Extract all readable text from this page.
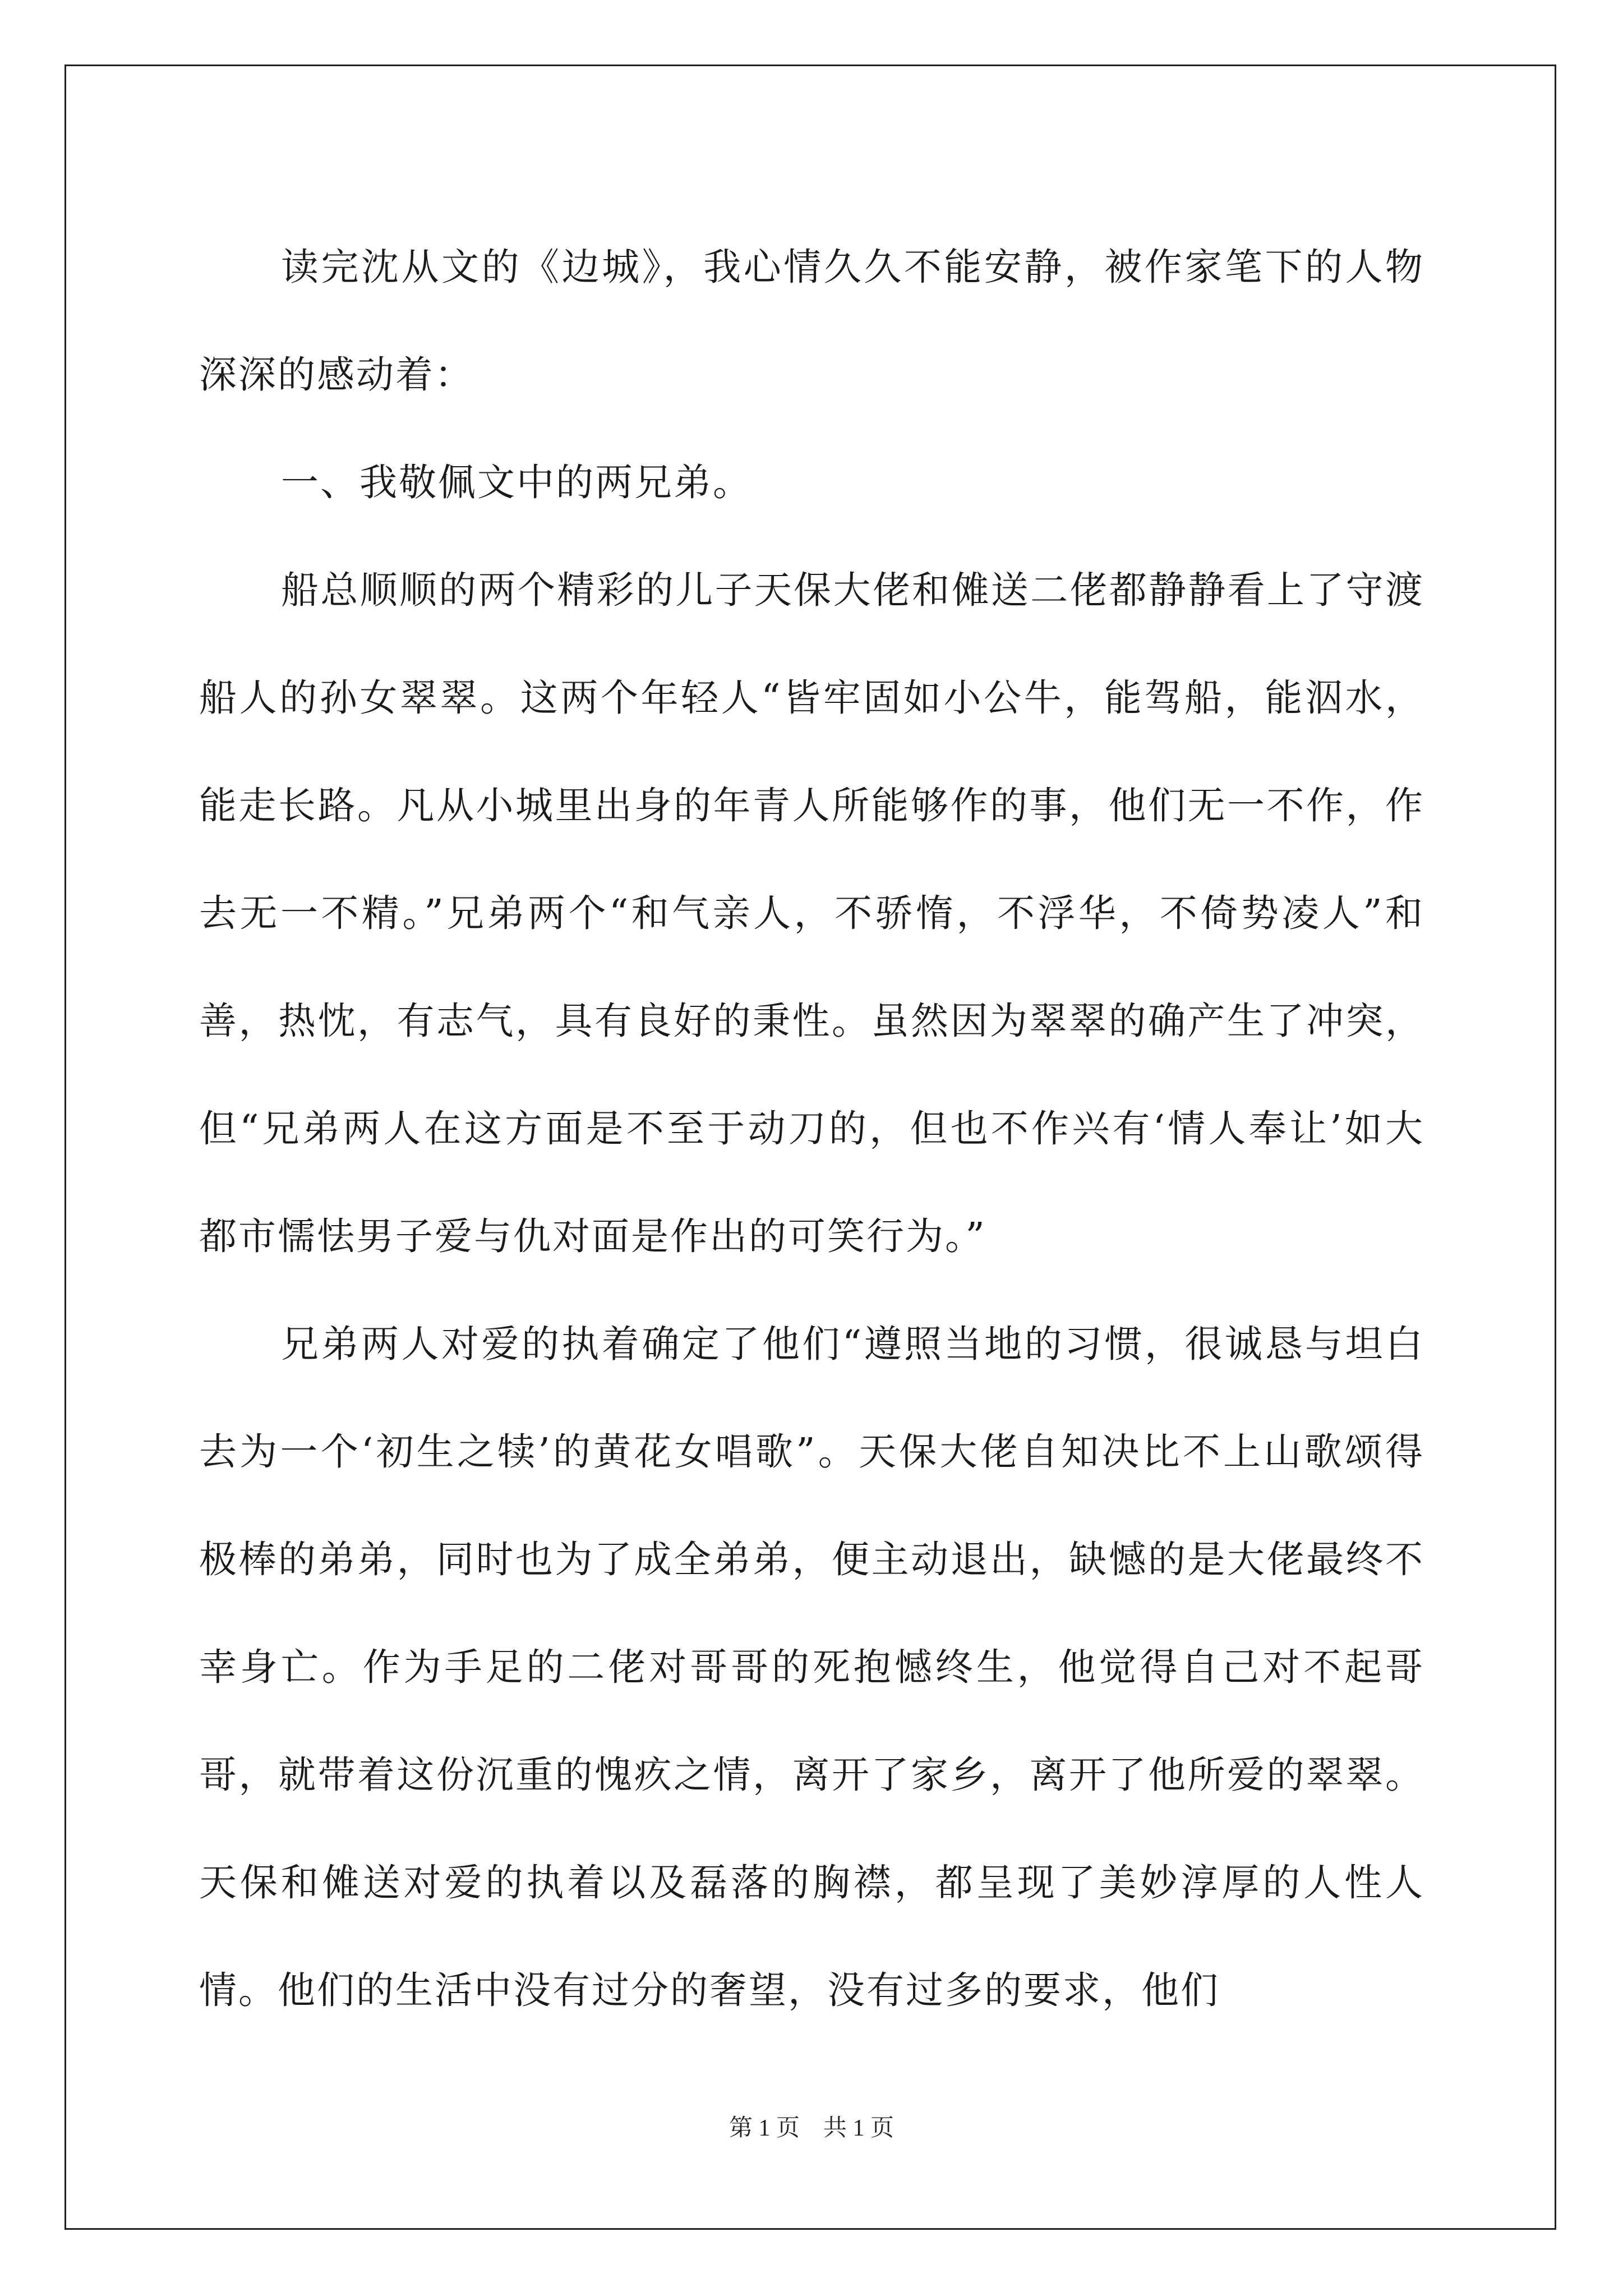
读完沈从文的《边城》，我心情久久不能安静，被作家笔下的人物深深的感动着：

一、我敬佩文中的两兄弟。

船总顺顺的两个精彩的儿子天保大佬和傩送二佬都静静看上了守渡船人的孙女翠翠。这两个年轻人“皆牢固如小公牛，能驾船，能泅水，能走长路。凡从小城里出身的年青人所能够作的事，他们无一不作，作去无一不精。”兄弟两个“和气亲人，不骄惰，不浮华，不倚势凌人”和善，热忱，有志气，具有良好的秉性。虽然因为翠翠的确产生了冲突，但“兄弟两人在这方面是不至于动刀的，但也不作兴有‘情人奉让’如大都市懦怯男子爱与仇对面是作出的可笑行为。”

兄弟两人对爱的执着确定了他们“遵照当地的习惯，很诚恳与坦白去为一个‘初生之犊’的黄花女唱歌”。天保大佬自知决比不上山歌颂得极棒的弟弟，同时也为了成全弟弟，便主动退出，缺憾的是大佬最终不幸身亡。作为手足的二佬对哥哥的死抱憾终生，他觉得自己对不起哥哥，就带着这份沉重的愧疚之情，离开了家乡，离开了他所爱的翠翠。天保和傩送对爱的执着以及磊落的胸襟，都呈现了美妙淳厚的人性人情。他们的生活中没有过分的奢望，没有过多的要求，他们

第 1 页　共 1 页
